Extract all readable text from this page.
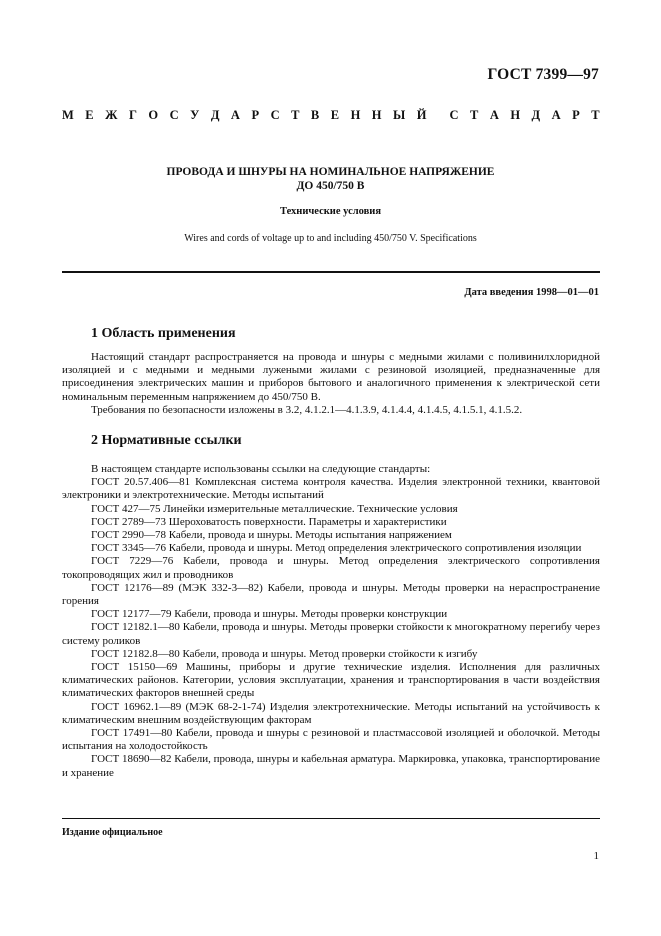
ГОСТ 7399—97
М Е Ж Г О С У Д А Р С Т В Е Н Н Ы Й С Т А Н Д А Р Т
ПРОВОДА И ШНУРЫ НА НОМИНАЛЬНОЕ НАПРЯЖЕНИЕ
ДО 450/750 В
Технические условия
Wires and cords of voltage up to and including 450/750 V. Specifications
Дата введения 1998—01—01
1 Область применения

Настоящий стандарт распространяется на провода и шнуры с медными жилами с поливинилхлоридной изоляцией и с медными и медными лужеными жилами с резиновой изоляцией, предназначенные для присоединения электрических машин и приборов бытового и аналогичного применения к электрической сети номинальным переменным напряжением до 450/750 В.

Требования по безопасности изложены в 3.2, 4.1.2.1—4.1.3.9, 4.1.4.4, 4.1.4.5, 4.1.5.1, 4.1.5.2.

2 Нормативные ссылки

В настоящем стандарте использованы ссылки на следующие стандарты:

ГОСТ 20.57.406—81 Комплексная система контроля качества. Изделия электронной техники, квантовой электроники и электротехнические. Методы испытаний

ГОСТ 427—75 Линейки измерительные металлические. Технические условия

ГОСТ 2789—73 Шероховатость поверхности. Параметры и характеристики

ГОСТ 2990—78 Кабели, провода и шнуры. Методы испытания напряжением

ГОСТ 3345—76 Кабели, провода и шнуры. Метод определения электрического сопротивления изоляции

ГОСТ 7229—76 Кабели, провода и шнуры. Метод определения электрического сопротивления токопроводящих жил и проводников

ГОСТ 12176—89 (МЭК 332-3—82) Кабели, провода и шнуры. Методы проверки на нераспространение горения

ГОСТ 12177—79 Кабели, провода и шнуры. Методы проверки конструкции

ГОСТ 12182.1—80 Кабели, провода и шнуры. Методы проверки стойкости к многократному перегибу через систему роликов

ГОСТ 12182.8—80 Кабели, провода и шнуры. Метод проверки стойкости к изгибу

ГОСТ 15150—69 Машины, приборы и другие технические изделия. Исполнения для различных климатических районов. Категории, условия эксплуатации, хранения и транспортирования в части воздействия климатических факторов внешней среды

ГОСТ 16962.1—89 (МЭК 68-2-1-74) Изделия электротехнические. Методы испытаний на устойчивость к климатическим внешним воздействующим факторам

ГОСТ 17491—80 Кабели, провода и шнуры с резиновой и пластмассовой изоляцией и оболочкой. Методы испытания на холодостойкость

ГОСТ 18690—82 Кабели, провода, шнуры и кабельная арматура. Маркировка, упаковка, транспортирование и хранение

Издание официальное
1
